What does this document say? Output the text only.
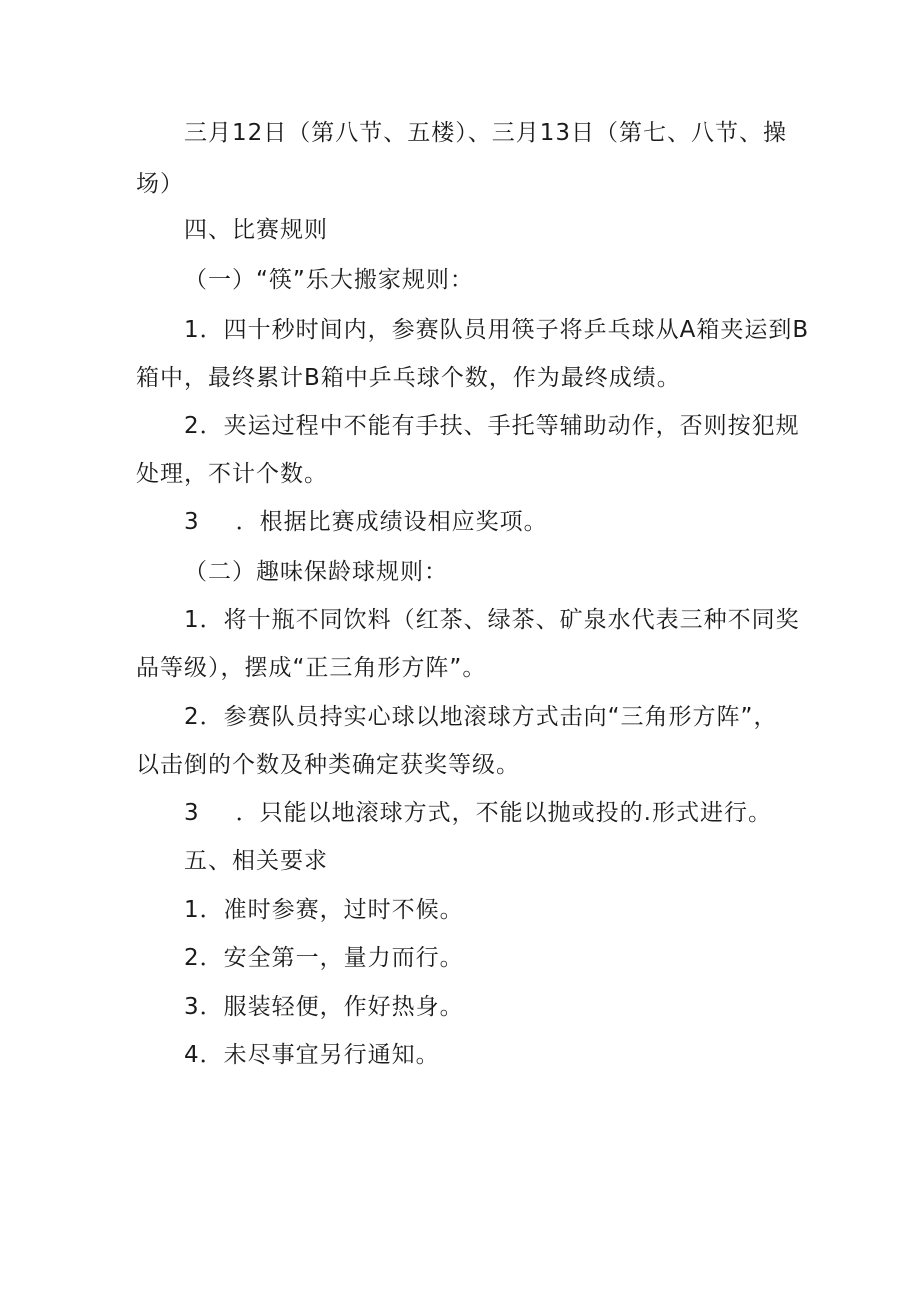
三月12日（第八节、五楼）、三月13日（第七、八节、操
场）
四、比赛规则
（一）“筷”乐大搬家规则：
1．四十秒时间内，参赛队员用筷子将乒乓球从A箱夹运到B
箱中，最终累计B箱中乒乓球个数，作为最终成绩。
2．夹运过程中不能有手扶、手托等辅助动作，否则按犯规
处理，不计个数。
3 ．根据比赛成绩设相应奖项。
（二）趣味保龄球规则：
1．将十瓶不同饮料（红茶、绿茶、矿泉水代表三种不同奖
品等级），摆成“正三角形方阵”。
2．参赛队员持实心球以地滚球方式击向“三角形方阵”，
以击倒的个数及种类确定获奖等级。
3 ．只能以地滚球方式，不能以抛或投的.形式进行。
五、相关要求
1．准时参赛，过时不候。
2．安全第一，量力而行。
3．服装轻便，作好热身。
4．未尽事宜另行通知。
